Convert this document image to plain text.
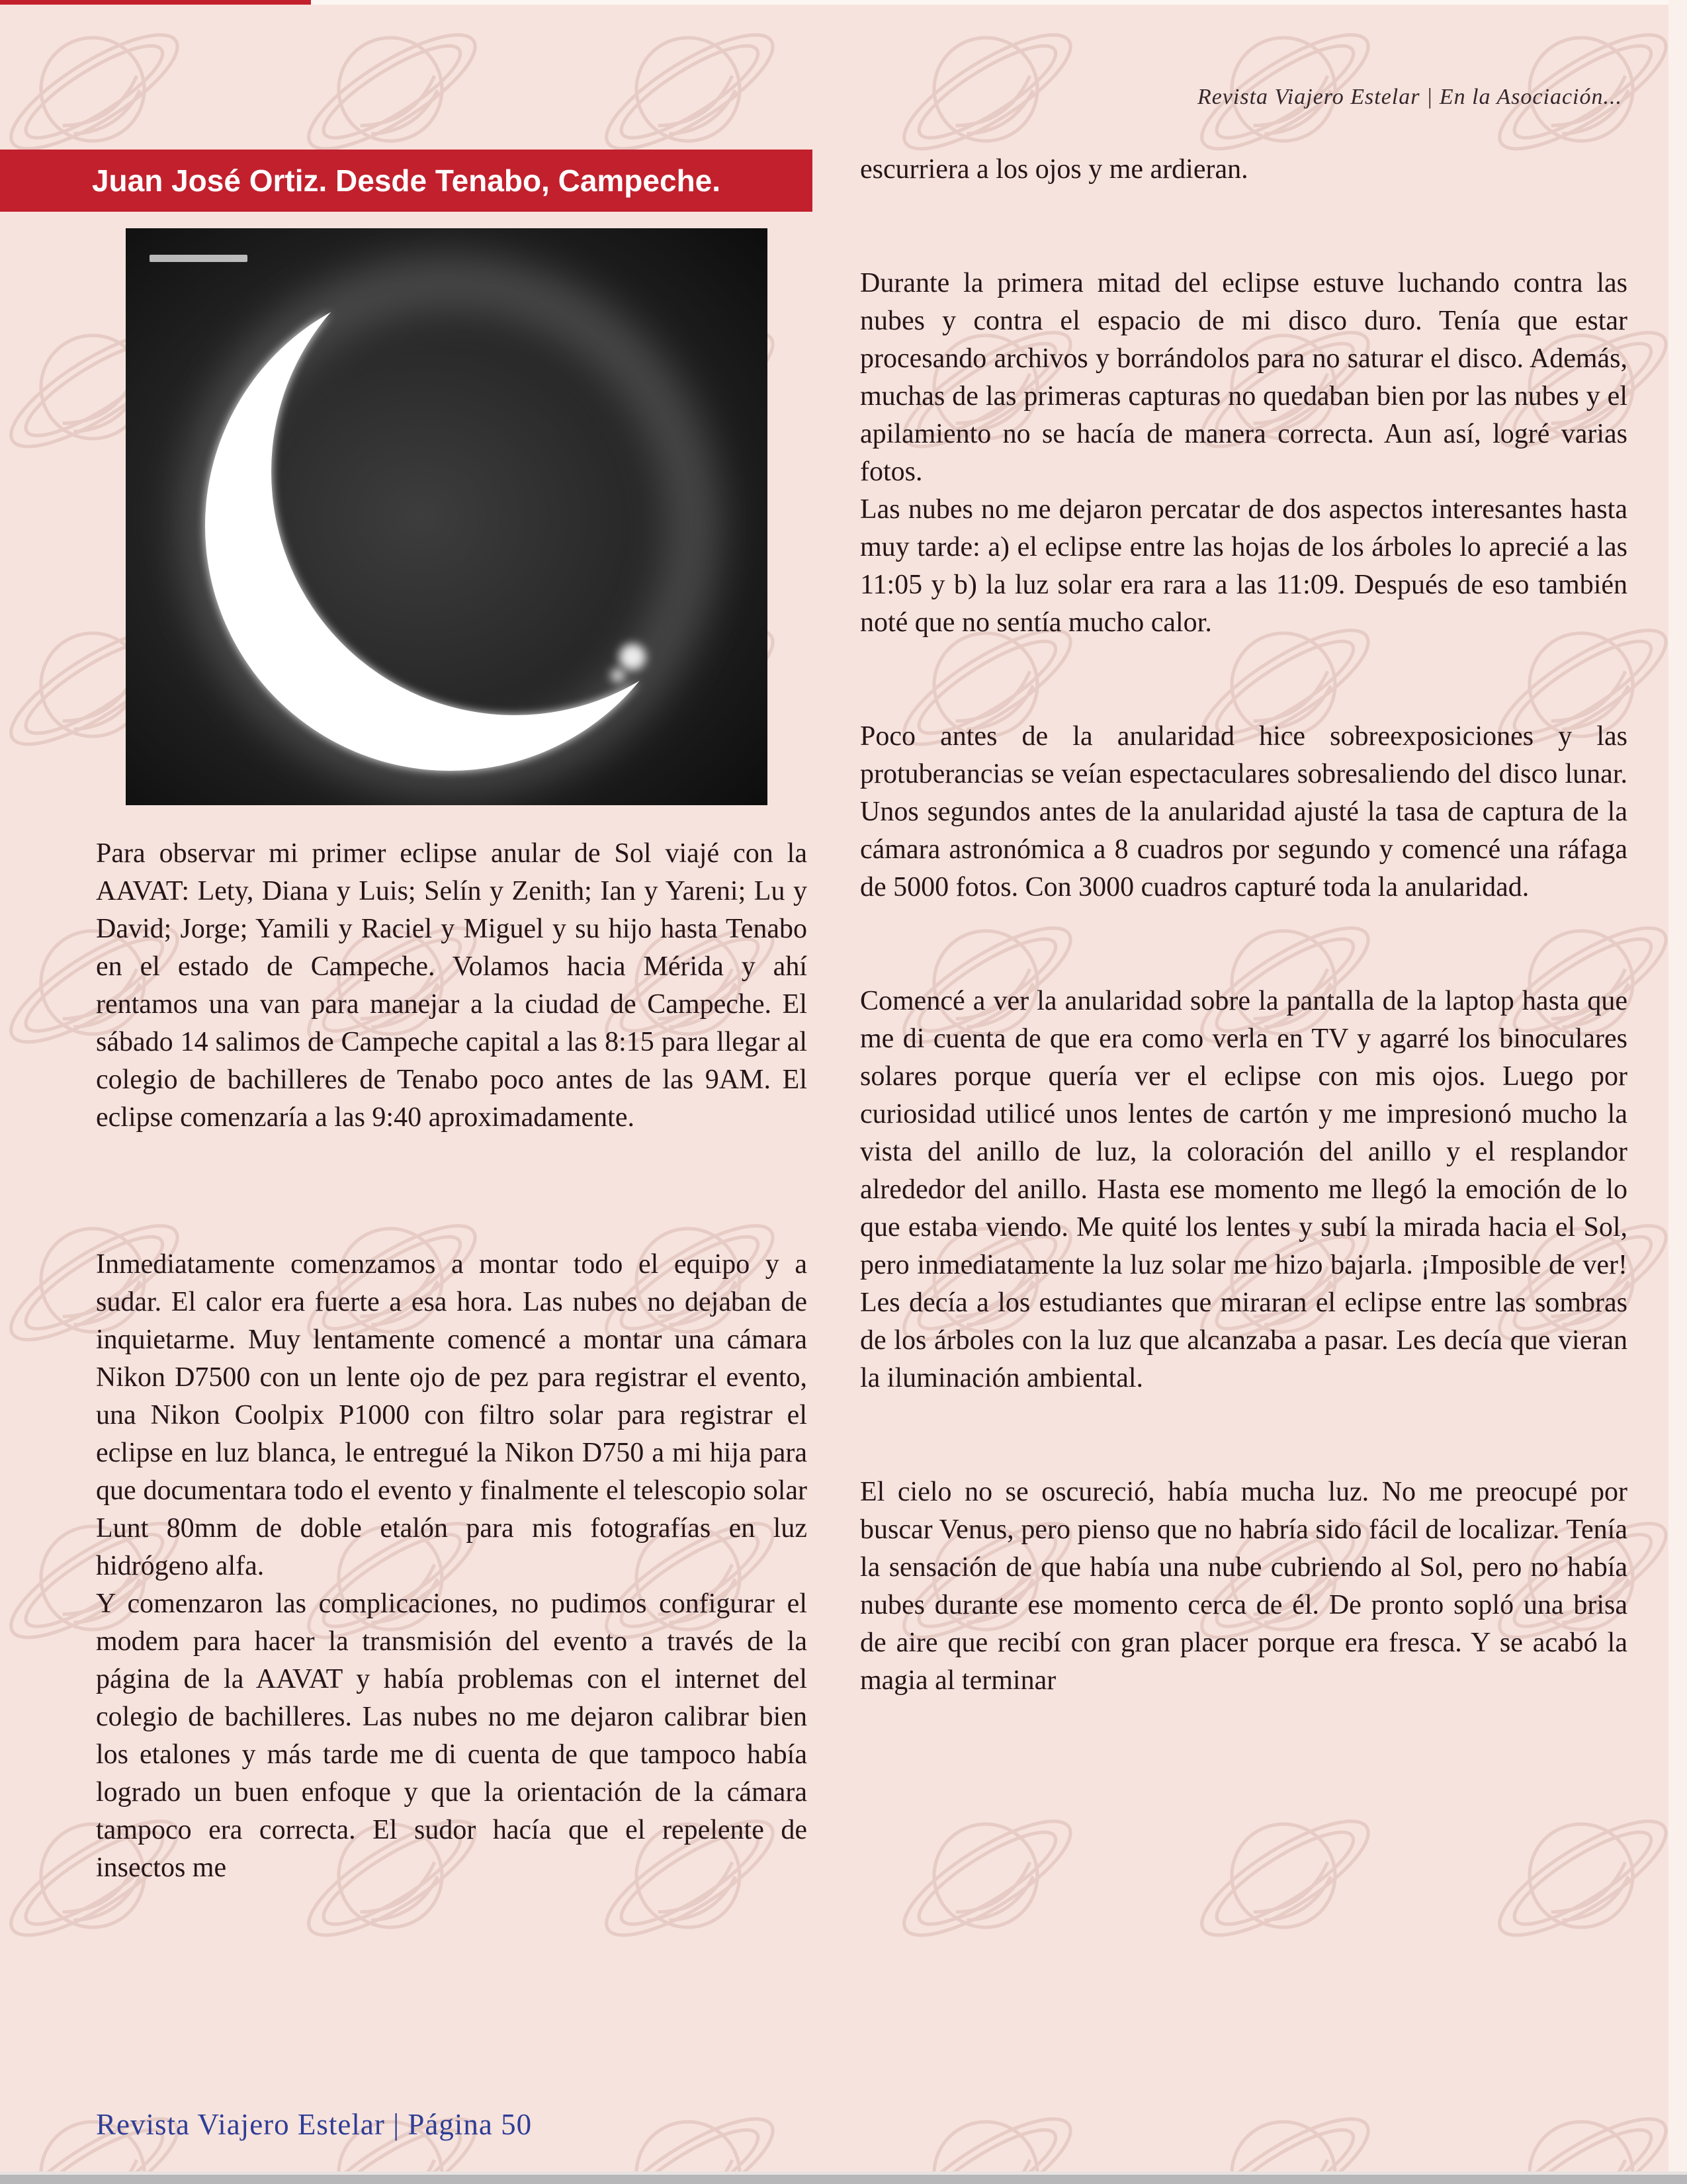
Revista Viajero Estelar | En la Asociación...
Juan José Ortiz. Desde Tenabo, Campeche.

Para observar mi primer eclipse anular de Sol viajé con la AAVAT: Lety, Diana y Luis; Selín y Zenith; Ian y Yareni; Lu y David; Jorge; Yamili y Raciel y Miguel y su hijo hasta Tenabo en el estado de Campeche. Volamos hacia Mérida y ahí rentamos una van para manejar a la ciudad de Campeche. El sábado 14 salimos de Campeche capital a las 8:15 para llegar al colegio de bachilleres de Tenabo poco antes de las 9AM. El eclipse comenzaría a las 9:40 aproximadamente.

Inmediatamente comenzamos a montar todo el equipo y a sudar. El calor era fuerte a esa hora. Las nubes no dejaban de inquietarme. Muy lentamente comencé a montar una cámara Nikon D7500 con un lente ojo de pez para registrar el evento, una Nikon Coolpix P1000 con filtro solar para registrar el eclipse en luz blanca, le entregué la Nikon D750 a mi hija para que documentara todo el evento y finalmente el telescopio solar Lunt 80mm de doble etalón para mis fotografías en luz hidrógeno alfa.

Y comenzaron las complicaciones, no pudimos configurar el modem para hacer la transmisión del evento a través de la página de la AAVAT y había problemas con el internet del colegio de bachilleres. Las nubes no me dejaron calibrar bien los etalones y más tarde me di cuenta de que tampoco había logrado un buen enfoque y que la orientación de la cámara tampoco era correcta. El sudor hacía que el repelente de insectos me

escurriera a los ojos y me ardieran.

Durante la primera mitad del eclipse estuve luchando contra las nubes y contra el espacio de mi disco duro. Tenía que estar procesando archivos y borrándolos para no saturar el disco. Además, muchas de las primeras capturas no quedaban bien por las nubes y el apilamiento no se hacía de manera correcta. Aun así, logré varias fotos.

Las nubes no me dejaron percatar de dos aspectos interesantes hasta muy tarde: a) el eclipse entre las hojas de los árboles lo aprecié a las 11:05 y b) la luz solar era rara a las 11:09. Después de eso también noté que no sentía mucho calor.

Poco antes de la anularidad hice sobreexposiciones y las protuberancias se veían espectaculares sobresaliendo del disco lunar. Unos segundos antes de la anularidad ajusté la tasa de captura de la cámara astronómica a 8 cuadros por segundo y comencé una ráfaga de 5000 fotos. Con 3000 cuadros capturé toda la anularidad.

Comencé a ver la anularidad sobre la pantalla de la laptop hasta que me di cuenta de que era como verla en TV y agarré los binoculares solares porque quería ver el eclipse con mis ojos. Luego por curiosidad utilicé unos lentes de cartón y me impresionó mucho la vista del anillo de luz, la coloración del anillo y el resplandor alrededor del anillo. Hasta ese momento me llegó la emoción de lo que estaba viendo. Me quité los lentes y subí la mirada hacia el Sol, pero inmediatamente la luz solar me hizo bajarla. ¡Imposible de ver! Les decía a los estudiantes que miraran el eclipse entre las sombras de los árboles con la luz que alcanzaba a pasar. Les decía que vieran la iluminación ambiental.

El cielo no se oscureció, había mucha luz. No me preocupé por buscar Venus, pero pienso que no habría sido fácil de localizar. Tenía la sensación de que había una nube cubriendo al Sol, pero no había nubes durante ese momento cerca de él. De pronto sopló una brisa de aire que recibí con gran placer porque era fresca. Y se acabó la magia al terminar

Revista Viajero Estelar | Página 50
